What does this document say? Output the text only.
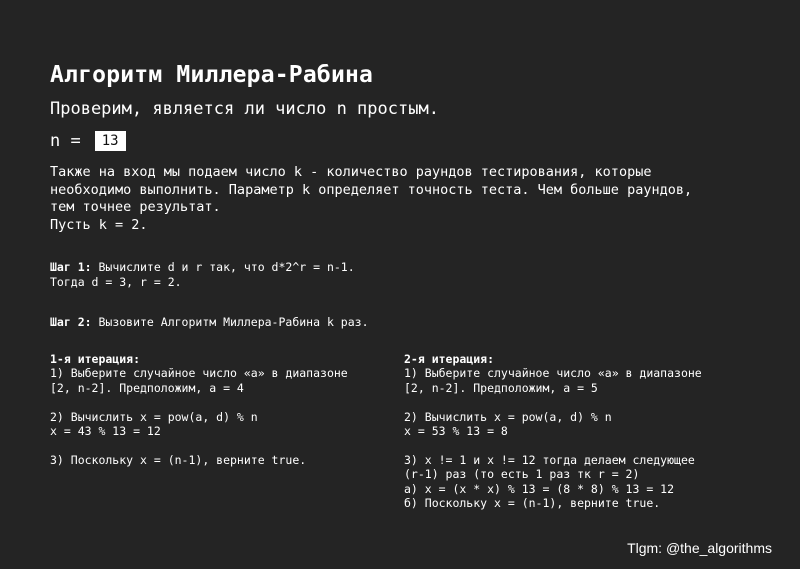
Алгоритм Миллера-Рабина
Проверим, является ли число n простым.
n =	13
Также на вход мы подаем число k - количество раундов тестирования, которые
необходимо выполнить. Параметр k определяет точность теста. Чем больше раундов,
тем точнее результат.
Пусть k = 2.
Шаг 1: Вычислите d и r так, что d*2^r = n-1.
Тогда d = 3, r = 2.
Шаг 2: Вызовите Алгоритм Миллера-Рабина k раз.
1-я итерация:
1) Выберите случайное число «a» в диапазоне
[2, n-2]. Предположим, a = 4
2) Вычислить x = pow(a, d) % n
x = 43 % 13 = 12
3) Поскольку x = (n-1), верните true.
2-я итерация:
1) Выберите случайное число «a» в диапазоне
[2, n-2]. Предположим, a = 5
2) Вычислить x = pow(a, d) % n
x = 53 % 13 = 8
3) x != 1 и x != 12 тогда делаем следующее
(r-1) раз (то есть 1 раз тк r = 2)
а) x = (x * x) % 13 = (8 * 8) % 13 = 12
б) Поскольку x = (n-1), верните true.
Tlgm: @the_algorithms
